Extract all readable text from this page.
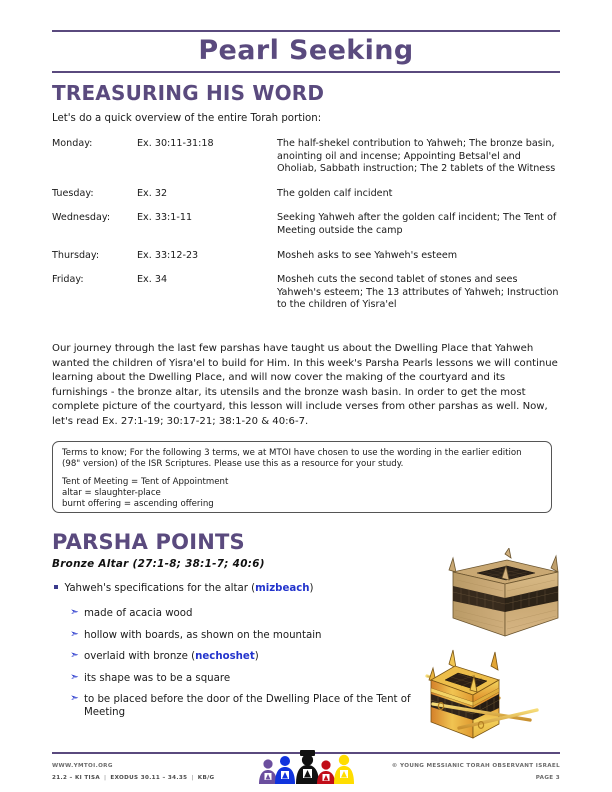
Pearl Seeking
TREASURING HIS WORD
Let's do a quick overview of the entire Torah portion:
Monday:	Ex. 30:11-31:18	The half-shekel contribution to Yahweh; The bronze basin, anointing oil and incense; Appointing Betsal'el and Oholiab, Sabbath instruction; The 2 tablets of the Witness
Tuesday:	Ex. 32	The golden calf incident
Wednesday:	Ex. 33:1-11	Seeking Yahweh after the golden calf incident; The Tent of Meeting outside the camp
Thursday:	Ex. 33:12-23	Mosheh asks to see Yahweh's esteem
Friday:	Ex. 34	Mosheh cuts the second tablet of stones and sees Yahweh's esteem; The 13 attributes of Yahweh; Instruction to the children of Yisra'el
Our journey through the last few parshas have taught us about the Dwelling Place that Yahweh wanted the children of Yisra'el to build for Him. In this week's Parsha Pearls lessons we will continue learning about the Dwelling Place, and will now cover the making of the courtyard and its furnishings - the bronze altar, its utensils and the bronze wash basin. In order to get the most complete picture of the courtyard, this lesson will include verses from other parshas as well. Now, let's read Ex. 27:1-19; 30:17-21; 38:1-20 & 40:6-7.

Terms to know; For the following 3 terms, we at MTOI have chosen to use the wording in the earlier edition (98" version) of the ISR Scriptures. Please use this as a resource for your study.

Tent of Meeting = Tent of Appointment
altar = slaughter-place
burnt offering = ascending offering
PARSHA POINTS
Bronze Altar (27:1-8; 38:1-7; 40:6)
Yahweh's specifications for the altar (mizbeach)
➣ made of acacia wood
➣ hollow with boards, as shown on the mountain
➣ overlaid with bronze (nechoshet)
➣ its shape was to be a square
➣ to be placed before the door of the Dwelling Place of the Tent of Meeting
WWW.YMTOI.ORG
21.2 – KI TISA | EXODUS 30.11 – 34.35 | KB/G
© YOUNG MESSIANIC TORAH OBSERVANT ISRAEL
PAGE 3
